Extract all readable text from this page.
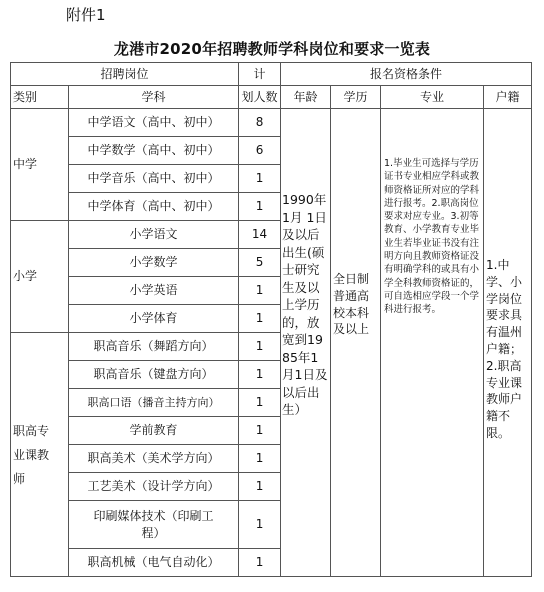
附件1
龙港市2020年招聘教师学科岗位和要求一览表
招聘岗位		计	报名资格条件			
类别	学科	划人数	年龄	学历	专业	户籍
中学	中学语文（高中、初中）	8	1990年1月 1日及以后出生(硕士研究生及以上学历的，放宽到1985年1月1日及以后出生）	全日制普通高校本科及以上	1.毕业生可选择与学历证书专业相应学科或教师资格证所对应的学科进行报考。2.职高岗位要求对应专业。3.初等教育、小学教育专业毕业生若毕业证书没有注明方向且教师资格证没有明确学科的或具有小学全科教师资格证的，可自选相应学段一个学科进行报考。	1.中学、小学岗位要求具有温州户籍；2.职高专业课教师户籍不限。

	中学数学（高中、初中）	6				
	中学音乐（高中、初中）	1				
	中学体育（高中、初中）	1				
小学	小学语文	14				
	小学数学	5				
	小学英语	1				
	小学体育	1				

职高专业课教师	职高音乐（舞蹈方向）	1				
	职高音乐（键盘方向）	1				
	职高口语（播音主持方向）	1				
	学前教育	1				
	职高美术（美术学方向）	1				
	工艺美术（设计学方向）	1				
	印刷媒体技术（印刷工程）	1				
	职高机械（电气自动化）	1				
